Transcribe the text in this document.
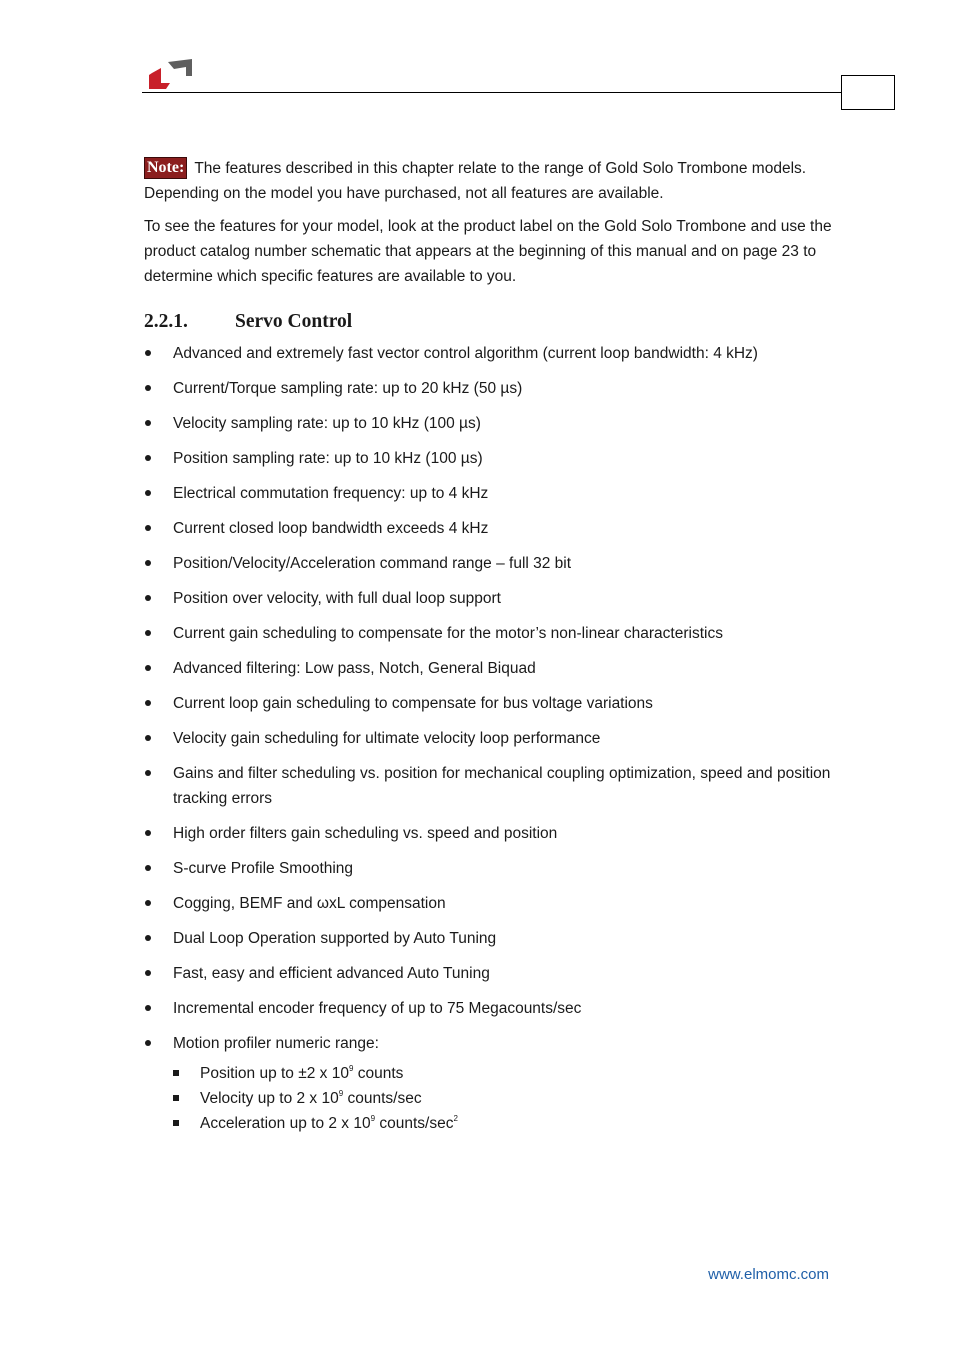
Note: The features described in this chapter relate to the range of Gold Solo Trombone models. Depending on the model you have purchased, not all features are available.

To see the features for your model, look at the product label on the Gold Solo Trombone and use the product catalog number schematic that appears at the beginning of this manual and on page 23 to determine which specific features are available to you.

2.2.1.	Servo Control
Advanced and extremely fast vector control algorithm (current loop bandwidth: 4 kHz)
Current/Torque sampling rate: up to 20 kHz (50 µs)
Velocity sampling rate: up to 10 kHz (100 µs)
Position sampling rate: up to 10 kHz (100 µs)
Electrical commutation frequency: up to 4 kHz
Current closed loop bandwidth exceeds 4 kHz
Position/Velocity/Acceleration command range – full 32 bit
Position over velocity, with full dual loop support
Current gain scheduling to compensate for the motor’s non-linear characteristics
Advanced filtering: Low pass, Notch, General Biquad
Current loop gain scheduling to compensate for bus voltage variations
Velocity gain scheduling for ultimate velocity loop performance
Gains and filter scheduling vs. position for mechanical coupling optimization, speed and position tracking errors
High order filters gain scheduling vs. speed and position
S-curve Profile Smoothing
Cogging, BEMF and ωxL compensation
Dual Loop Operation supported by Auto Tuning
Fast, easy and efficient advanced Auto Tuning
Incremental encoder frequency of up to 75 Megacounts/sec
Motion profiler numeric range:
Position up to ±2 x $10^9$ counts
Velocity up to 2 x $10^9$ counts/sec
Acceleration up to 2 x $10^9$ counts/$\sec^2$
www.elmomc.com
